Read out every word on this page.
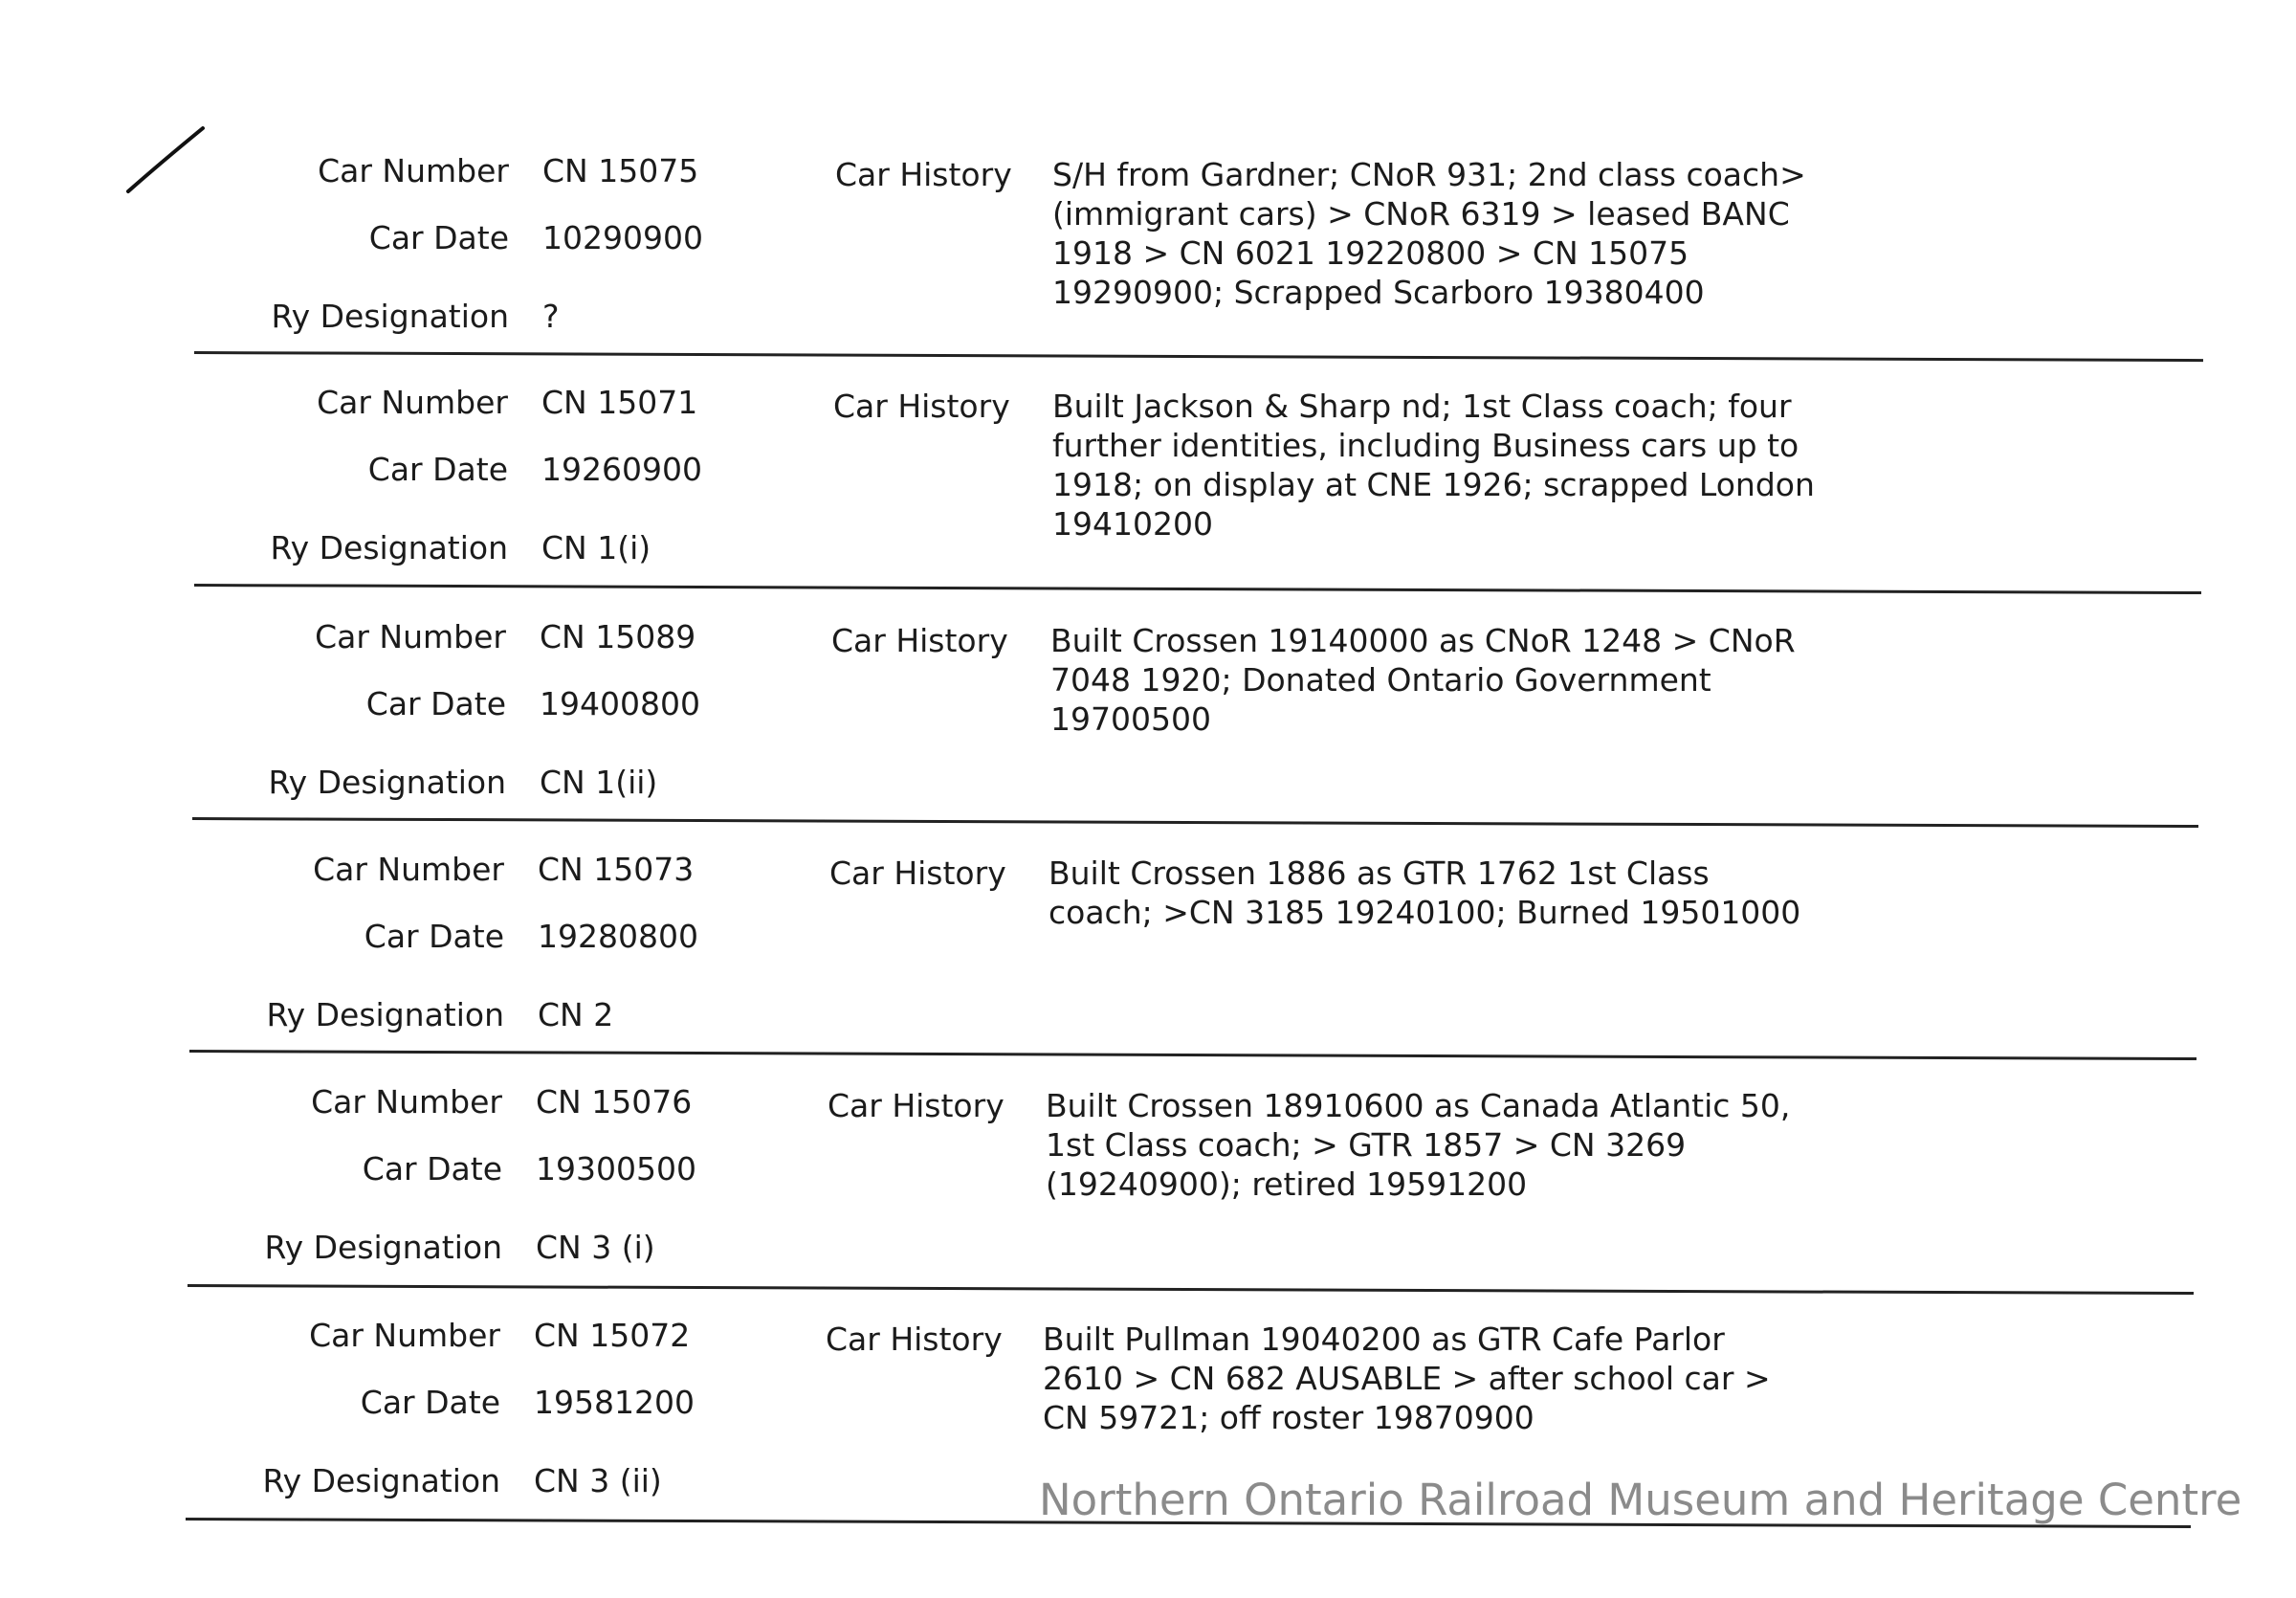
Car Number CN 15075
Car Date 10290900
Ry Designation ?
Car History	S/H from Gardner; CNoR 931; 2nd class coach> (immigrant cars) > CNoR 6319 > leased BANC 1918 > CN 6021 19220800 > CN 15075 19290900; Scrapped Scarboro 19380400
Car Number CN 15071
Car Date 19260900
Ry Designation CN 1(i)
Car History	Built Jackson & Sharp nd; 1st Class coach; four further identities, including Business cars up to 1918; on display at CNE 1926; scrapped London 19410200
Car Number CN 15089
Car Date 19400800
Ry Designation CN 1(ii)
Car History	Built Crossen 19140000 as CNoR 1248 > CNoR 7048 1920; Donated Ontario Government 19700500
Car Number CN 15073
Car Date 19280800
Ry Designation CN 2
Car History	Built Crossen 1886 as GTR 1762 1st Class coach; >CN 3185 19240100; Burned 19501000
Car Number CN 15076
Car Date 19300500
Ry Designation CN 3 (i)
Car History	Built Crossen 18910600 as Canada Atlantic 50, 1st Class coach; > GTR 1857 > CN 3269 (19240900); retired 19591200
Car Number CN 15072
Car Date 19581200
Ry Designation CN 3 (ii)
Car History	Built Pullman 19040200 as GTR Cafe Parlor 2610 > CN 682 AUSABLE > after school car > CN 59721; off roster 19870900
Northern Ontario Railroad Museum and Heritage Centre
